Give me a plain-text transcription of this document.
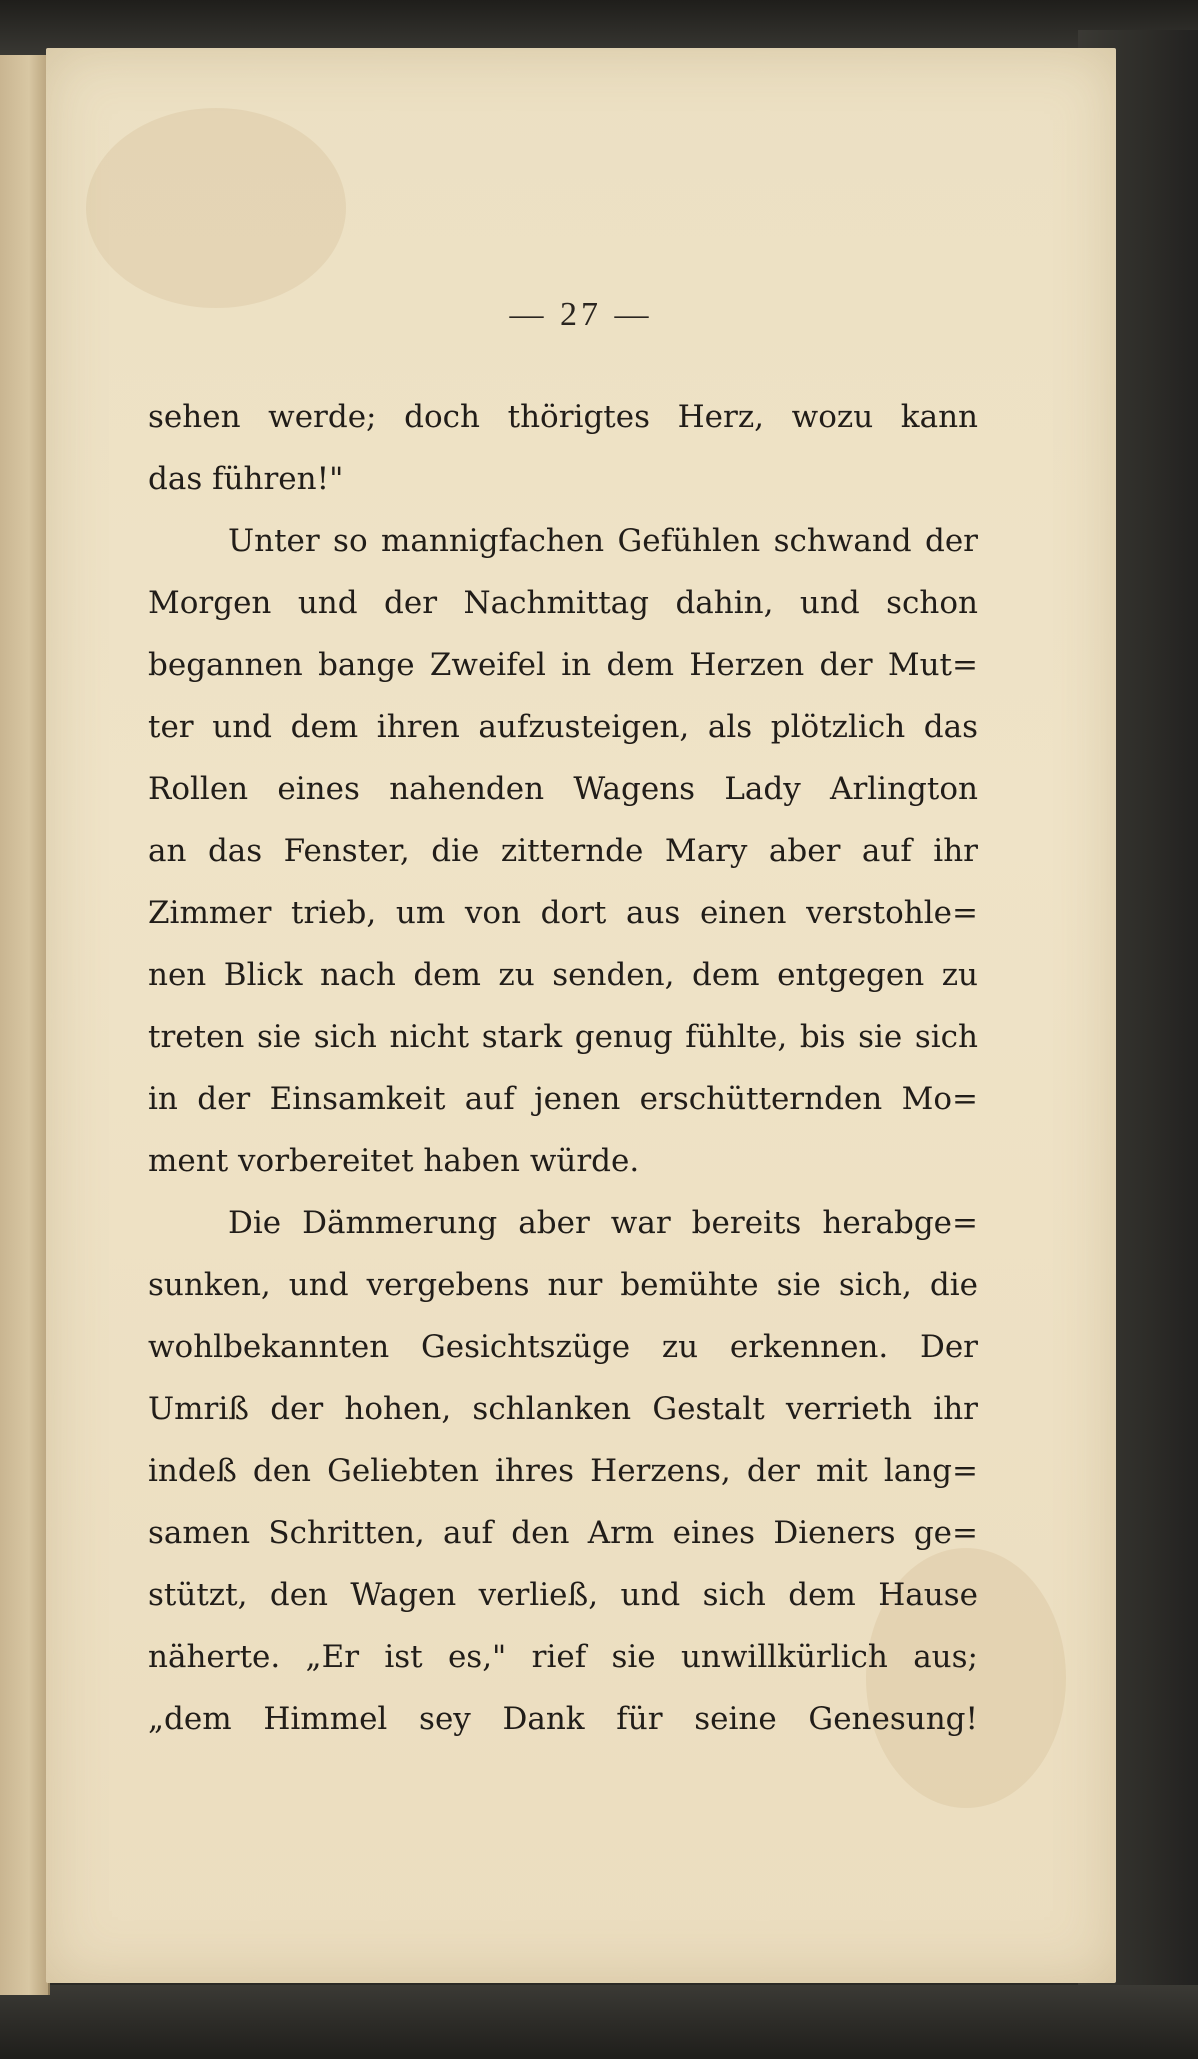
— 27 —
sehen werde; doch thörigtes Herz, wozu kann
das führen!"
Unter so mannigfachen Gefühlen schwand der
Morgen und der Nachmittag dahin, und schon
begannen bange Zweifel in dem Herzen der Mut=
ter und dem ihren aufzusteigen, als plötzlich das
Rollen eines nahenden Wagens Lady Arlington
an das Fenster, die zitternde Mary aber auf ihr
Zimmer trieb, um von dort aus einen verstohle=
nen Blick nach dem zu senden, dem entgegen zu
treten sie sich nicht stark genug fühlte, bis sie sich
in der Einsamkeit auf jenen erschütternden Mo=
ment vorbereitet haben würde.
Die Dämmerung aber war bereits herabge=
sunken, und vergebens nur bemühte sie sich, die
wohlbekannten Gesichtszüge zu erkennen. Der
Umriß der hohen, schlanken Gestalt verrieth ihr
indeß den Geliebten ihres Herzens, der mit lang=
samen Schritten, auf den Arm eines Dieners ge=
stützt, den Wagen verließ, und sich dem Hause
näherte. „Er ist es," rief sie unwillkürlich aus;
„dem Himmel sey Dank für seine Genesung!
